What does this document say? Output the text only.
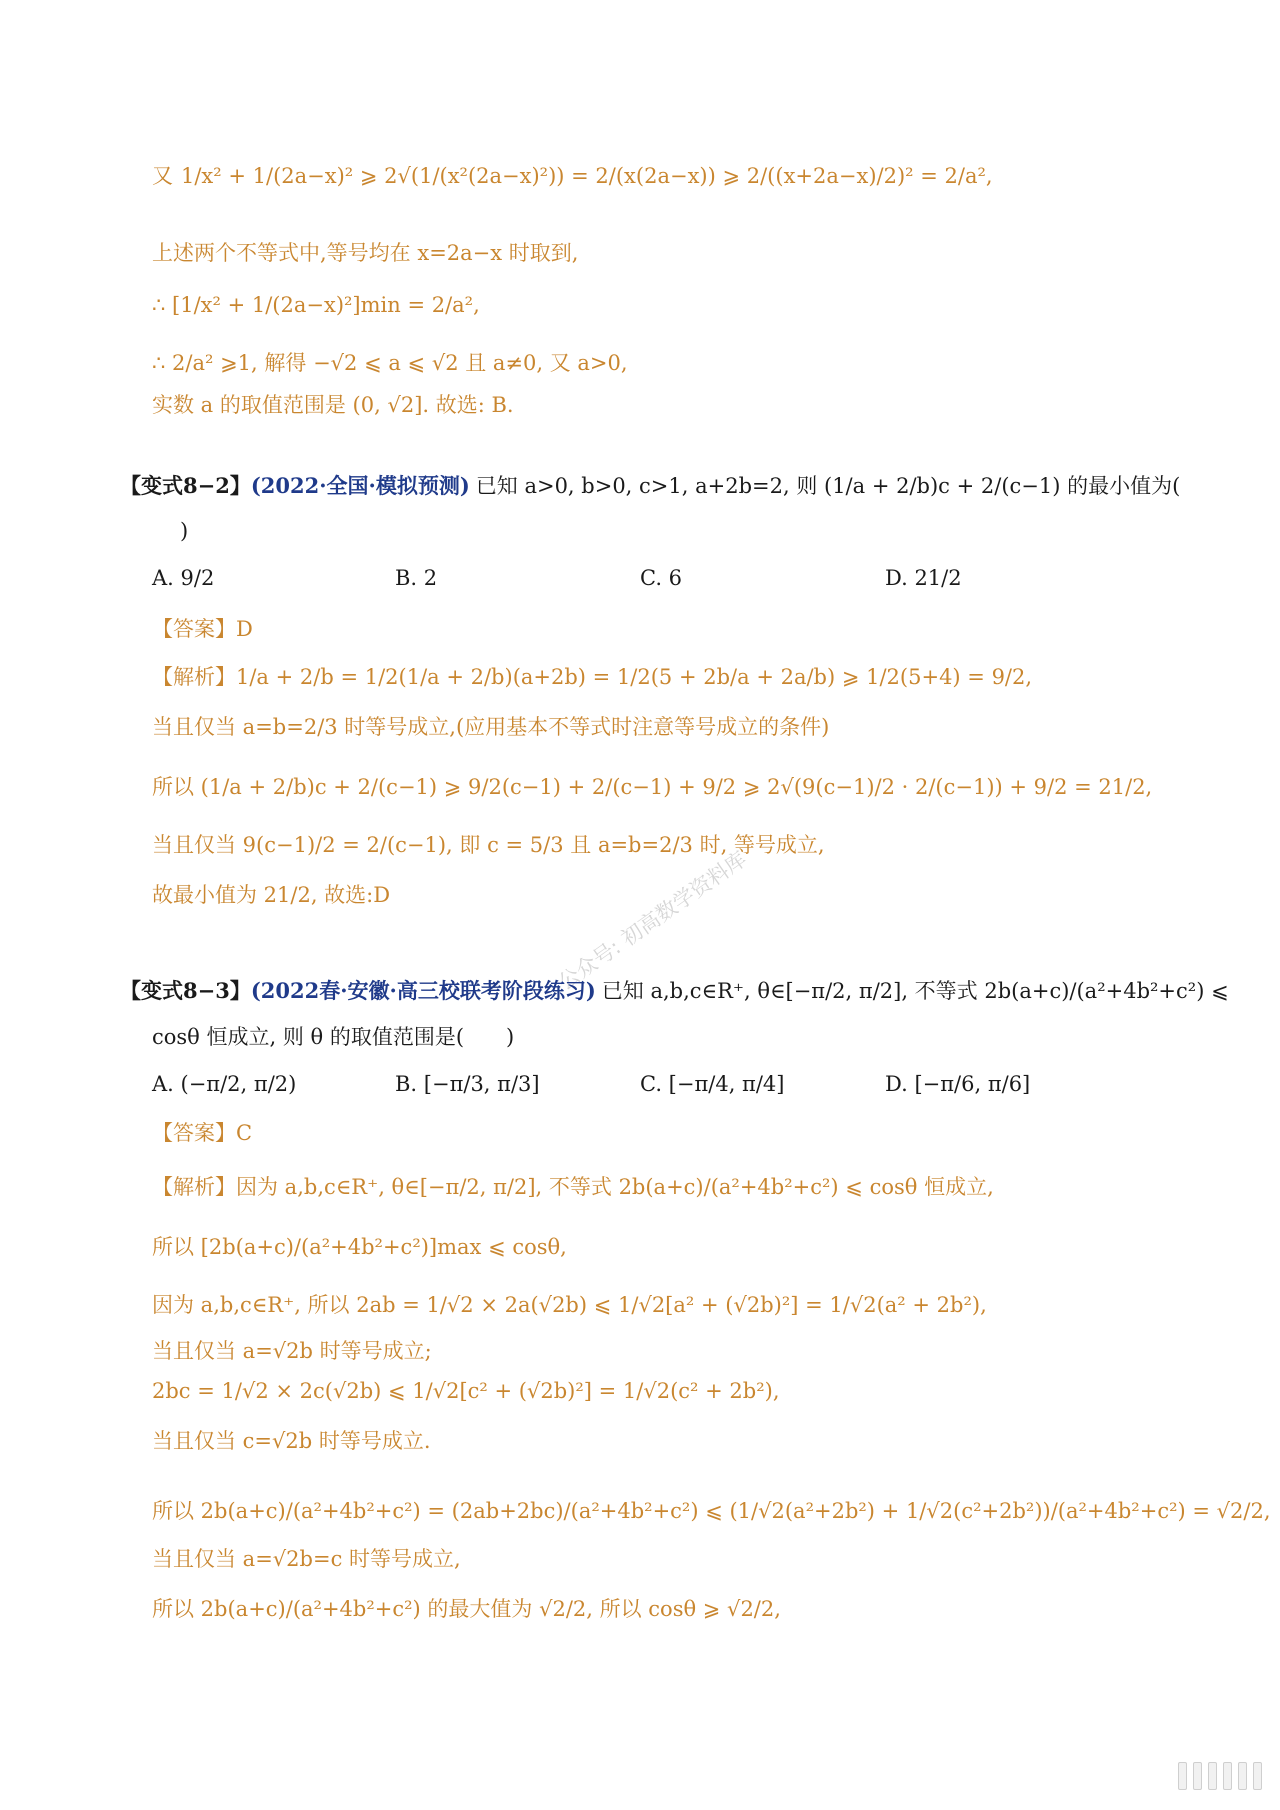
又 1/x² + 1/(2a−x)² ⩾ 2√(1/(x²(2a−x)²)) = 2/(x(2a−x)) ⩾ 2/((x+2a−x)/2)² = 2/a²,
上述两个不等式中,等号均在 x=2a−x 时取到,
∴ [1/x² + 1/(2a−x)²]min = 2/a²,
∴ 2/a² ⩾1, 解得 −√2 ⩽ a ⩽ √2 且 a≠0, 又 a>0,
实数 a 的取值范围是 (0, √2]. 故选: B.
【变式8−2】 (2022·全国·模拟预测) 已知 a>0, b>0, c>1, a+2b=2, 则 (1/a + 2/b)c + 2/(c−1) 的最小值为(
)
A. 9/2	B. 2	C. 6	D. 21/2
【答案】D
【解析】 1/a + 2/b = 1/2(1/a + 2/b)(a+2b) = 1/2(5 + 2b/a + 2a/b) ⩾ 1/2(5+4) = 9/2,
当且仅当 a=b=2/3 时等号成立,(应用基本不等式时注意等号成立的条件)
所以 (1/a + 2/b)c + 2/(c−1) ⩾ 9/2(c−1) + 2/(c−1) + 9/2 ⩾ 2√(9(c−1)/2 · 2/(c−1)) + 9/2 = 21/2,
当且仅当 9(c−1)/2 = 2/(c−1), 即 c = 5/3 且 a=b=2/3 时, 等号成立,
故最小值为 21/2, 故选:D	公众号: 初高数学资料库
【变式8−3】 (2022春·安徽·高三校联考阶段练习) 已知 a,b,c∈R⁺, θ∈[−π/2, π/2], 不等式 2b(a+c)/(a²+4b²+c²) ⩽
cosθ 恒成立, 则 θ 的取值范围是(　　)
A. (−π/2, π/2)	B. [−π/3, π/3]	C. [−π/4, π/4]	D. [−π/6, π/6]
【答案】C
【解析】 因为 a,b,c∈R⁺, θ∈[−π/2, π/2], 不等式 2b(a+c)/(a²+4b²+c²) ⩽ cosθ 恒成立,
所以 [2b(a+c)/(a²+4b²+c²)]max ⩽ cosθ,
因为 a,b,c∈R⁺, 所以 2ab = 1/√2 × 2a(√2b) ⩽ 1/√2[a² + (√2b)²] = 1/√2(a² + 2b²),
当且仅当 a=√2b 时等号成立;
2bc = 1/√2 × 2c(√2b) ⩽ 1/√2[c² + (√2b)²] = 1/√2(c² + 2b²),
当且仅当 c=√2b 时等号成立.
所以 2b(a+c)/(a²+4b²+c²) = (2ab+2bc)/(a²+4b²+c²) ⩽ (1/√2(a²+2b²) + 1/√2(c²+2b²))/(a²+4b²+c²) = √2/2,
当且仅当 a=√2b=c 时等号成立,
所以 2b(a+c)/(a²+4b²+c²) 的最大值为 √2/2, 所以 cosθ ⩾ √2/2,
